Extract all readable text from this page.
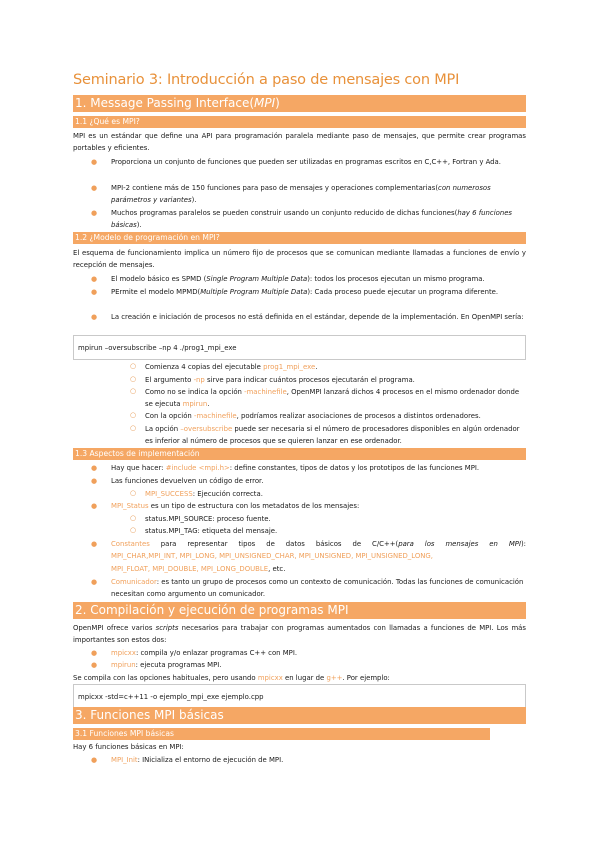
Seminario 3: Introducción a paso de mensajes con MPI
1. Message Passing Interface(MPI)
1.1 ¿Qué es MPI?
MPI es un estándar que define una API para programación paralela mediante paso de mensajes, que permite crear programas portables y eficientes.
● Proporciona un conjunto de funciones que pueden ser utilizadas en programas escritos en C,C++, Fortran y Ada.
● MPI-2 contiene más de 150 funciones para paso de mensajes y operaciones complementarias(con numerosos parámetros y variantes).
● Muchos programas paralelos se pueden construir usando un conjunto reducido de dichas funciones(hay 6 funciones básicas).
1.2 ¿Modelo de programación en MPI?
El esquema de funcionamiento implica un número fijo de procesos que se comunican mediante llamadas a funciones de envío y recepción de mensajes.
● El modelo básico es SPMD (Single Program Multiple Data): todos los procesos ejecutan un mismo programa.
● PErmite el modelo MPMD(Multiple Program Multiple Data): Cada proceso puede ejecutar un programa diferente.
● La creación e iniciación de procesos no está definida en el estándar, depende de la implementación. En OpenMPI sería:
mpirun –oversubscribe –np 4 ./prog1_mpi_exe
○ Comienza 4 copias del ejecutable prog1_mpi_exe.
○ El argumento -np sirve para indicar cuántos procesos ejecutarán el programa.
○ Como no se indica la opción -machinefile, OpenMPI lanzará dichos 4 procesos en el mismo ordenador donde se ejecuta mpirun.
○ Con la opción -machinefile, podríamos realizar asociaciones de procesos a distintos ordenadores.
○ La opción –oversubscribe puede ser necesaria si el número de procesadores disponibles en algún ordenador es inferior al número de procesos que se quieren lanzar en ese ordenador.
1.3 Aspectos de implementación
● Hay que hacer: #include <mpi.h>: define constantes, tipos de datos y los prototipos de las funciones MPI.
● Las funciones devuelven un código de error.
○ MPI_SUCCESS: Ejecución correcta.
● MPI_Status es un tipo de estructura con los metadatos de los mensajes:
○ status.MPI_SOURCE: proceso fuente.
○ status.MPI_TAG: etiqueta del mensaje.
● Constantes para representar tipos de datos básicos de C/C++(para los mensajes en MPI):
MPI_CHAR,MPI_INT, MPI_LONG, MPI_UNSIGNED_CHAR, MPI_UNSIGNED, MPI_UNSIGNED_LONG,
MPI_FLOAT, MPI_DOUBLE, MPI_LONG_DOUBLE, etc.
● Comunicador: es tanto un grupo de procesos como un contexto de comunicación. Todas las funciones de comunicación necesitan como argumento un comunicador.
2. Compilación y ejecución de programas MPI
OpenMPI ofrece varios scripts necesarios para trabajar con programas aumentados con llamadas a funciones de MPI. Los más importantes son estos dos:
● mpicxx: compila y/o enlazar programas C++ con MPI.
● mpirun: ejecuta programas MPI.
Se compila con las opciones habituales, pero usando mpicxx en lugar de g++. Por ejemplo:
mpicxx -std=c++11 -o ejemplo_mpi_exe ejemplo.cpp
3. Funciones MPI básicas
3.1 Funciones MPI básicas
Hay 6 funciones básicas en MPI:
● MPI_Init: INicializa el entorno de ejecución de MPI.
